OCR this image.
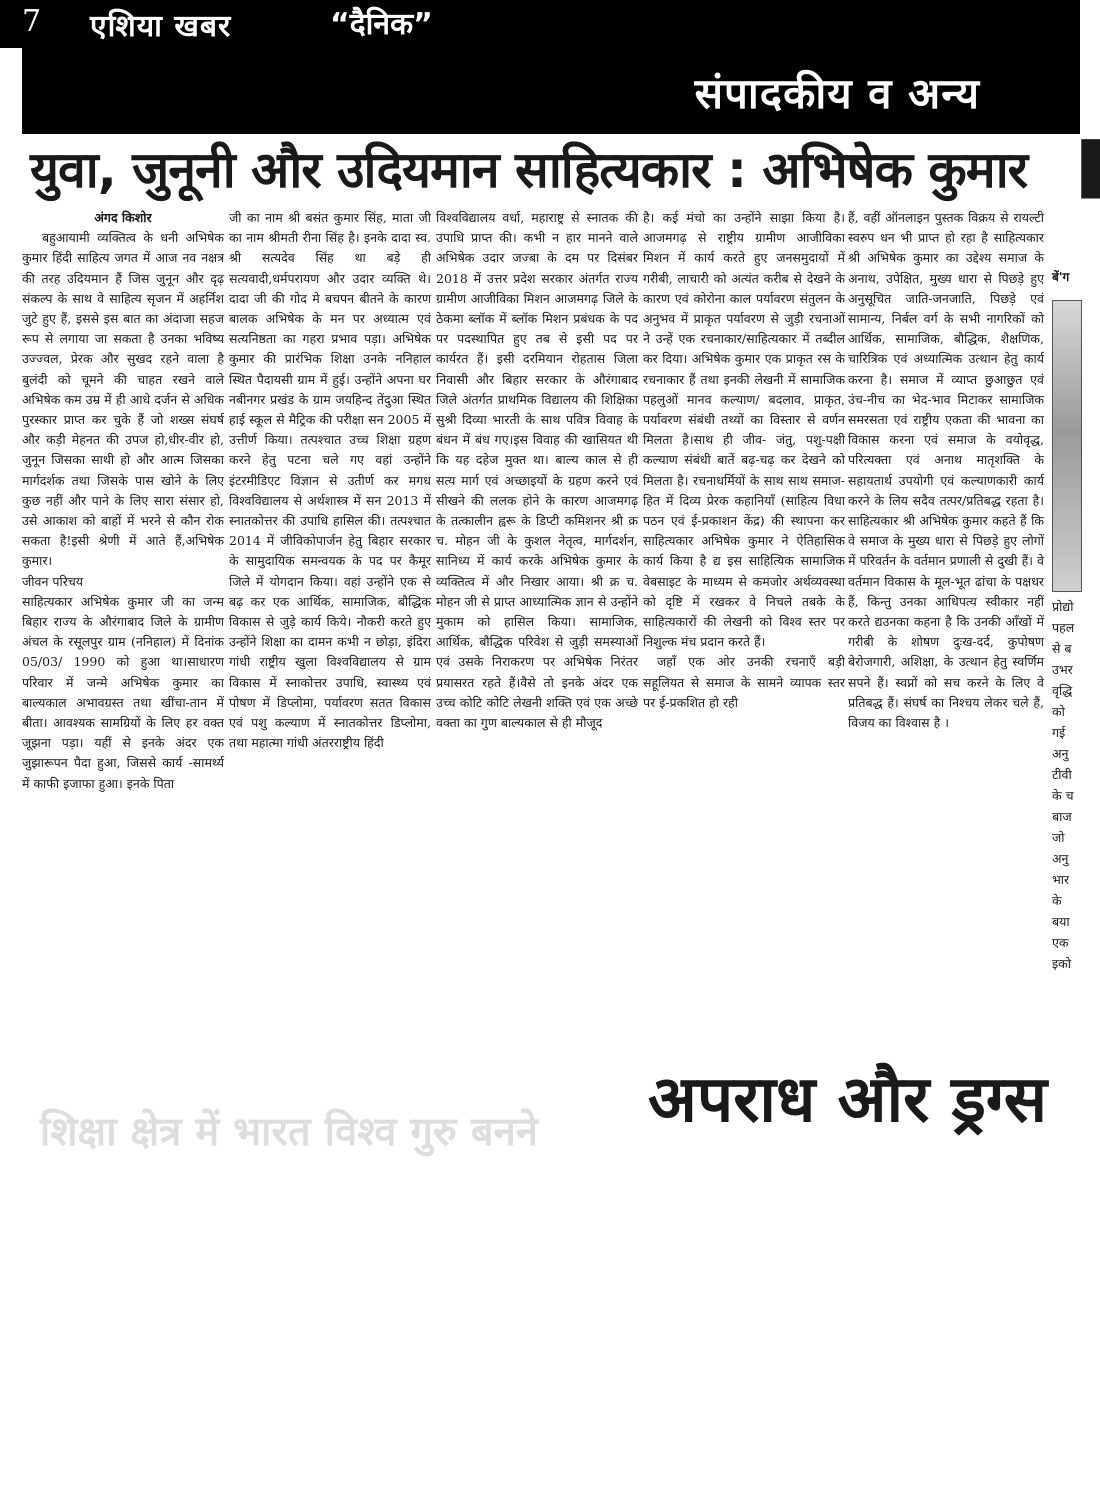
7 एशिया खबर	“दैनिक”
संपादकीय व अन्य
युवा, जुनूनी और उदियमान साहित्यकार : अभिषेक कुमार

अंगद किशोर

बहुआयामी व्यक्तित्व के धनी अभिषेक कुमार हिंदी साहित्य जगत में आज नव नक्षत्र की तरह उदियमान हैं जिस जुनून और दृढ़ संकल्प के साथ वे साहित्य सृजन में अहर्निश जुटे हुए हैं, इससे इस बात का अंदाजा सहज रूप से लगाया जा सकता है उनका भविष्य उज्ज्वल, प्रेरक और सुखद रहने वाला है बुलंदी को चूमने की चाहत रखने वाले अभिषेक कम उम्र में ही आधे दर्जन से अधिक पुरस्कार प्राप्त कर चुके हैं जो शख्स संघर्ष और कड़ी मेहनत की उपज हो,धीर-वीर हो, जुनून जिसका साथी हो और आत्म जिसका मार्गदर्शक तथा जिसके पास खोने के लिए कुछ नहीं और पाने के लिए सारा संसार हो, उसे आकाश को बाहों में भरने से कौन रोक सकता है!इसी श्रेणी में आते हैं,अभिषेक कुमार।

जीवन परिचय

साहित्यकार अभिषेक कुमार जी का जन्म बिहार राज्य के औरंगाबाद जिले के ग्रामीण अंचल के रसूलपुर ग्राम (ननिहाल) में दिनांक 05/03/ 1990 को हुआ था।साधारण परिवार में जन्मे अभिषेक कुमार का बाल्यकाल अभावग्रस्त तथा खींचा-तान में बीता। आवश्यक सामग्रियों के लिए हर वक्त जूझना पड़ा। यहीं से इनके अंदर एक जुझारूपन पैदा हुआ, जिससे कार्य -सामर्थ्य में काफी इजाफा हुआ। इनके पिता

जी का नाम श्री बसंत कुमार सिंह, माता जी का नाम श्रीमती रीना सिंह है। इनके दादा स्व. श्री सत्यदेव सिंह था बड़े ही सत्यवादी,धर्मपरायण और उदार व्यक्ति थे। दादा जी की गोद मे बचपन बीतने के कारण बालक अभिषेक के मन पर अध्यात्म एवं सत्यनिष्ठता का गहरा प्रभाव पड़ा। अभिषेक कुमार की प्रारंभिक शिक्षा उनके ननिहाल स्थित पैदायसी ग्राम में हुई। उन्होंने अपना घर नबीनगर प्रखंड के ग्राम जयहिन्द तेंदुआ स्थित हाई स्कूल से मैट्रिक की परीक्षा सन 2005 में उत्तीर्ण किया। तत्पश्चात उच्च शिक्षा ग्रहण करने हेतु पटना चले गए वहां उन्होंने इंटरमीडिएट विज्ञान से उतीर्ण कर मगध विश्वविद्यालय से अर्थशास्त्र में सन 2013 में स्नातकोत्तर की उपाधि हासिल की। तत्पश्चात 2014 में जीविकोपार्जन हेतु बिहार सरकार के सामुदायिक समन्वयक के पद पर कैमूर जिले में योगदान किया। वहां उन्होंने एक से बढ़ कर एक आर्थिक, सामाजिक, बौद्धिक विकास से जुड़े कार्य किये। नौकरी करते हुए उन्होंने शिक्षा का दामन कभी न छोड़ा, इंदिरा गांधी राष्ट्रीय खुला विश्वविद्यालय से ग्राम विकास में स्नाकोत्तर उपाधि, स्वास्थ्य एवं पोषण में डिप्लोमा, पर्यावरण सतत विकास एवं पशु कल्याण में स्नातकोत्तर डिप्लोमा, तथा महात्मा गांधी अंतरराष्ट्रीय हिंदी

विश्वविद्यालय वर्धा, महाराष्ट्र से स्नातक की उपाधि प्राप्त की। कभी न हार मानने वाले अभिषेक उदार जज्बा के दम पर दिसंबर 2018 में उत्तर प्रदेश सरकार अंतर्गत राज्य ग्रामीण आजीविका मिशन आजमगढ़ जिले के ठेकमा ब्लॉक में ब्लॉक मिशन प्रबंधक के पद पर पदस्थापित हुए तब से इसी पद पर कार्यरत हैं। इसी दरमियान रोहतास जिला निवासी और बिहार सरकार के औरंगाबाद जिले अंतर्गत प्राथमिक विद्यालय की शिक्षिका सुश्री दिव्या भारती के साथ पवित्र विवाह के बंधन में बंध गए।इस विवाह की खासियत थी कि यह दहेज मुक्त था। बाल्य काल से ही सत्य मार्ग एवं अच्छाइयों के ग्रहण करने एवं सीखने की ललक होने के कारण आजमगढ़ के तत्कालीन ह्वरू के डिप्टी कमिशनर श्री क्र च. मोहन जी के कुशल नेतृत्व, मार्गदर्शन, सानिध्य में कार्य करके अभिषेक कुमार के व्यक्तित्व में और निखार आया। श्री क्र च. मोहन जी से प्राप्त आध्यात्मिक ज्ञान से उन्होंने मुकाम को हासिल किया। सामाजिक, आर्थिक, बौद्धिक परिवेश से जुड़ी समस्याओं एवं उसके निराकरण पर अभिषेक निरंतर प्रयासरत रहते हैं।वैसे तो इनके अंदर एक उच्च कोटि कोटि लेखनी शक्ति एवं एक अच्छे वक्ता का गुण बाल्यकाल से ही मौजूद

है। कई मंचो का उन्होंने साझा किया है। आजमगढ़ से राष्ट्रीय ग्रामीण आजीविका मिशन में कार्य करते हुए जनसमुदायों में गरीबी, लाचारी को अत्यंत करीब से देखने के कारण एवं कोरोना काल पर्यावरण संतुलन के अनुभव में प्राकृत पर्यावरण से जुड़ी रचनाओं ने उन्हें एक रचनाकार/साहित्यकार में तब्दील कर दिया। अभिषेक कुमार एक प्राकृत रस के रचनाकार हैं तथा इनकी लेखनी में सामाजिक पहलुओं मानव कल्याण/ बदलाव, प्राकृत, पर्यावरण संबंधी तथ्यों का विस्तार से वर्णन मिलता है।साथ ही जीव- जंतु, पशु-पक्षी कल्याण संबंधी बातें बढ़-चढ़ कर देखने को मिलता है। रचनाधर्मियों के साथ साथ समाज-हित में दिव्य प्रेरक कहानियाँ (साहित्य विधा पठन एवं ई-प्रकाशन केंद्र) की स्थापना कर साहित्यकार अभिषेक कुमार ने ऐतिहासिक कार्य किया है द्य इस साहित्यिक सामाजिक वेबसाइट के माध्यम से कमजोर अर्थव्यवस्था को दृष्टि में रखकर वे निचले तबके के साहित्यकारों की लेखनी को विश्व स्तर पर निशुल्क मंच प्रदान करते हैं।

जहाँ एक ओर उनकी रचनाएँ बड़ी सहूलियत से समाज के सामने व्यापक स्तर पर ई-प्रकशित हो रही

हैं, वहीं ऑनलाइन पुस्तक विक्रय से रायल्टी स्वरुप धन भी प्राप्त हो रहा है साहित्यकार श्री अभिषेक कुमार का उद्देश्य समाज के अनाथ, उपेक्षित, मुख्य धारा से पिछड़े हुए अनुसूचित जाति-जनजाति, पिछड़े एवं सामान्य, निर्बल वर्ग के सभी नागरिकों को आर्थिक, सामाजिक, बौद्धिक, शैक्षणिक, चारित्रिक एवं अध्यात्मिक उत्थान हेतु कार्य करना है। समाज में व्याप्त छुआछुत एवं उंच-नीच का भेद-भाव मिटाकर सामाजिक समरसता एवं राष्ट्रीय एकता की भावना का विकास करना एवं समाज के वयोवृद्ध, परित्यक्ता एवं अनाथ मातृशक्ति के सहायतार्थ उपयोगी एवं कल्याणकारी कार्य करने के लिय सदैव तत्पर/प्रतिबद्ध रहता है। साहित्यकार श्री अभिषेक कुमार कहते हैं कि वे समाज के मुख्य धारा से पिछड़े हुए लोगों में परिवर्तन के वर्तमान प्रणाली से दुखी हैं। वे वर्तमान विकास के मूल-भूत ढांचा के पक्षधर हैं, किन्तु उनका आधिपत्य स्वीकार नहीं करते द्यउनका कहना है कि उनकी आँखों में गरीबी के शोषण दुःख-दर्द, कुपोषण बेरोजगारी, अशिक्षा, के उत्थान हेतु स्वर्णिम सपने हैं। स्वप्नों को सच करने के लिए वे प्रतिबद्ध हैं। संघर्ष का निश्चय लेकर चले हैं, विजय का विश्वास है ।

▐
बें'ग
प्रोद्यो
पहल
से ब
उभर
वृद्धि
को
गई
अनु
टीवी
के च
बाज
जो
अनु
भार
के
बया
एक
इको
अपराध और ड्रग्स
शिक्षा क्षेत्र में भारत विश्व गुरु बनने
